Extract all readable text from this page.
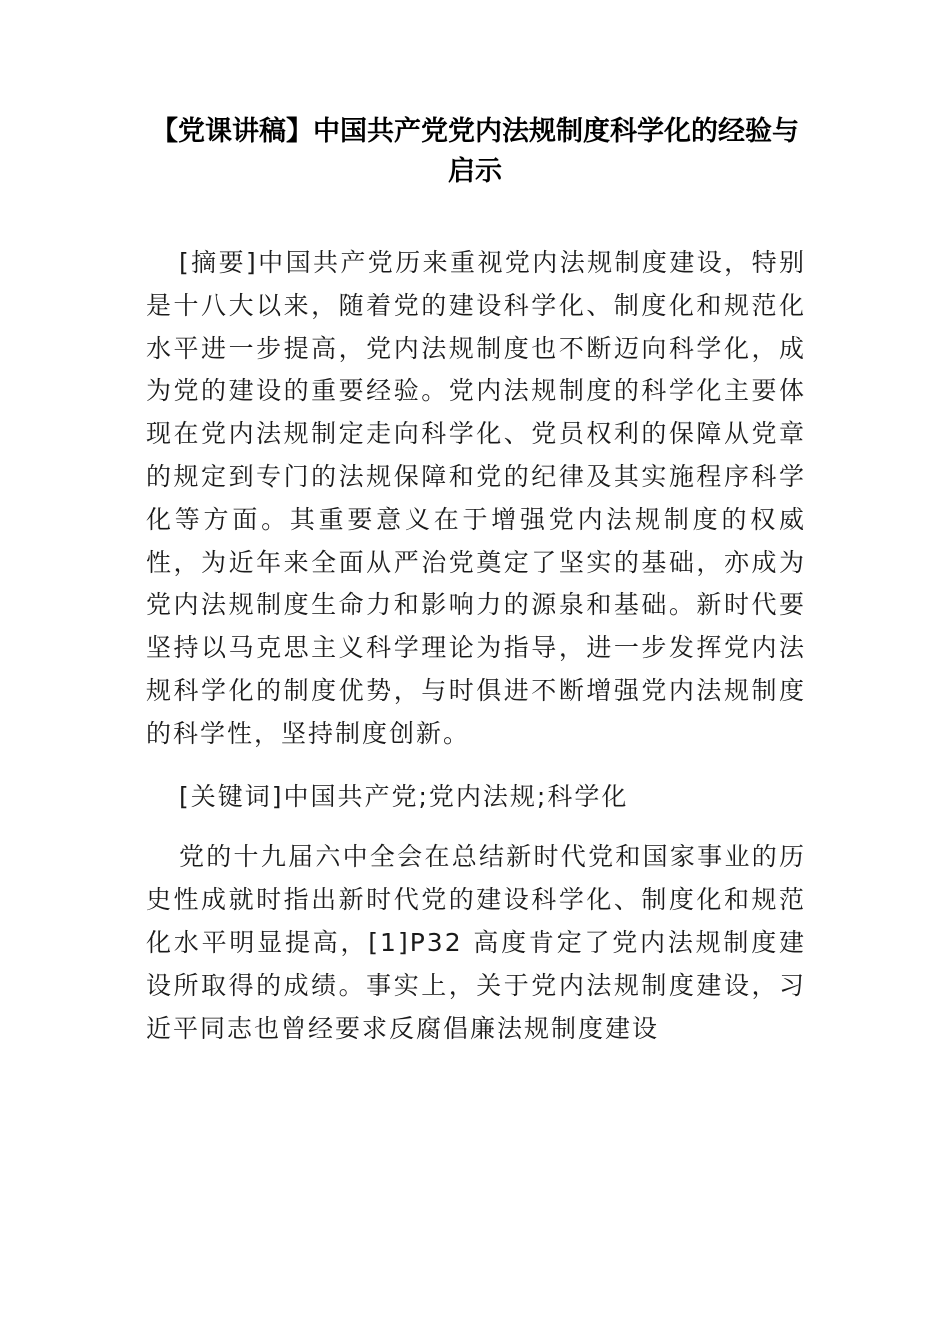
【党课讲稿】中国共产党党内法规制度科学化的经验与启示

[摘要]中国共产党历来重视党内法规制度建设，特别是十八大以来，随着党的建设科学化、制度化和规范化水平进一步提高，党内法规制度也不断迈向科学化，成为党的建设的重要经验。党内法规制度的科学化主要体现在党内法规制定走向科学化、党员权利的保障从党章的规定到专门的法规保障和党的纪律及其实施程序科学化等方面。其重要意义在于增强党内法规制度的权威性，为近年来全面从严治党奠定了坚实的基础，亦成为党内法规制度生命力和影响力的源泉和基础。新时代要坚持以马克思主义科学理论为指导，进一步发挥党内法规科学化的制度优势，与时俱进不断增强党内法规制度的科学性，坚持制度创新。

[关键词]中国共产党;党内法规;科学化

党的十九届六中全会在总结新时代党和国家事业的历史性成就时指出新时代党的建设科学化、制度化和规范化水平明显提高，[1]P32 高度肯定了党内法规制度建设所取得的成绩。事实上，关于党内法规制度建设，习近平同志也曾经要求反腐倡廉法规制度建设
